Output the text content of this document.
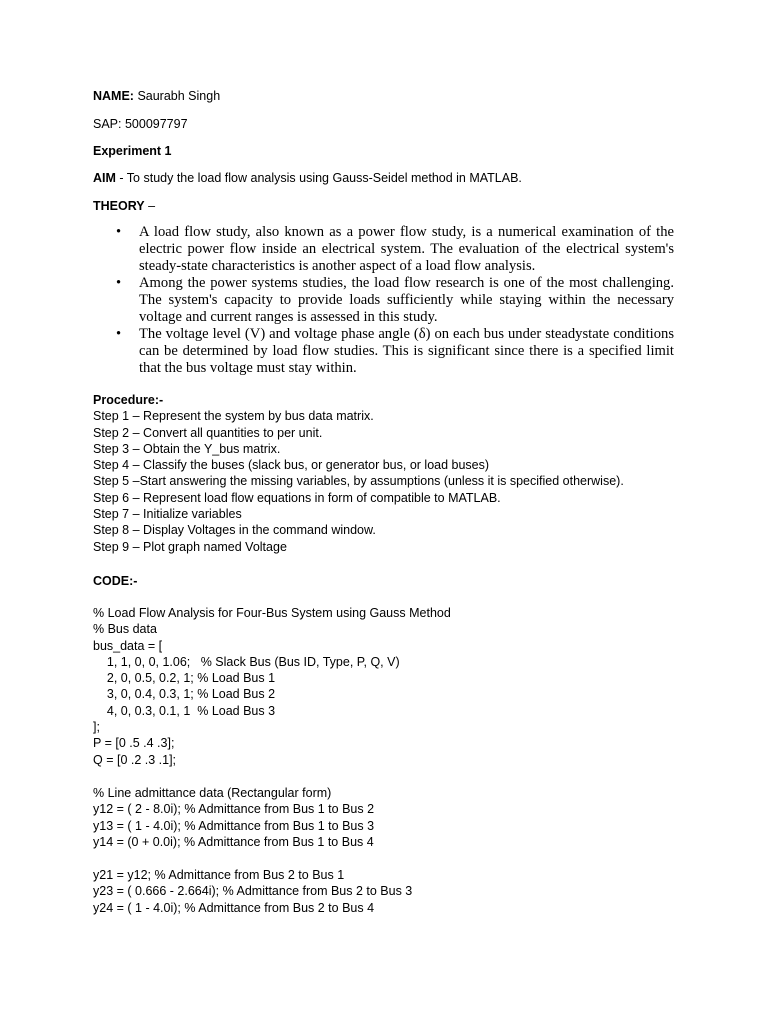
NAME: Saurabh Singh
SAP: 500097797
Experiment 1
AIM - To study the load flow analysis using Gauss-Seidel method in MATLAB.
THEORY –
• A load flow study, also known as a power flow study, is a numerical examination of the electric power flow inside an electrical system. The evaluation of the electrical system's steady-state characteristics is another aspect of a load flow analysis.
• Among the power systems studies, the load flow research is one of the most challenging. The system's capacity to provide loads sufficiently while staying within the necessary voltage and current ranges is assessed in this study.
• The voltage level (V) and voltage phase angle (δ) on each bus under steadystate conditions can be determined by load flow studies. This is significant since there is a specified limit that the bus voltage must stay within.
Procedure:-
Step 1 – Represent the system by bus data matrix.
Step 2 – Convert all quantities to per unit.
Step 3 – Obtain the Y_bus matrix.
Step 4 – Classify the buses (slack bus, or generator bus, or load buses)
Step 5 –Start answering the missing variables, by assumptions (unless it is specified otherwise).
Step 6 – Represent load flow equations in form of compatible to MATLAB.
Step 7 – Initialize variables
Step 8 – Display Voltages in the command window.
Step 9 – Plot graph named Voltage
CODE:-
% Load Flow Analysis for Four-Bus System using Gauss Method
% Bus data
bus_data = [
1, 1, 0, 0, 1.06;   % Slack Bus (Bus ID, Type, P, Q, V)
2, 0, 0.5, 0.2, 1; % Load Bus 1
3, 0, 0.4, 0.3, 1; % Load Bus 2
4, 0, 0.3, 0.1, 1  % Load Bus 3
];
P = [0 .5 .4 .3];
Q = [0 .2 .3 .1];
% Line admittance data (Rectangular form)
y12 = ( 2 - 8.0i); % Admittance from Bus 1 to Bus 2
y13 = ( 1 - 4.0i); % Admittance from Bus 1 to Bus 3
y14 = (0 + 0.0i); % Admittance from Bus 1 to Bus 4
y21 = y12; % Admittance from Bus 2 to Bus 1
y23 = ( 0.666 - 2.664i); % Admittance from Bus 2 to Bus 3
y24 = ( 1 - 4.0i); % Admittance from Bus 2 to Bus 4
